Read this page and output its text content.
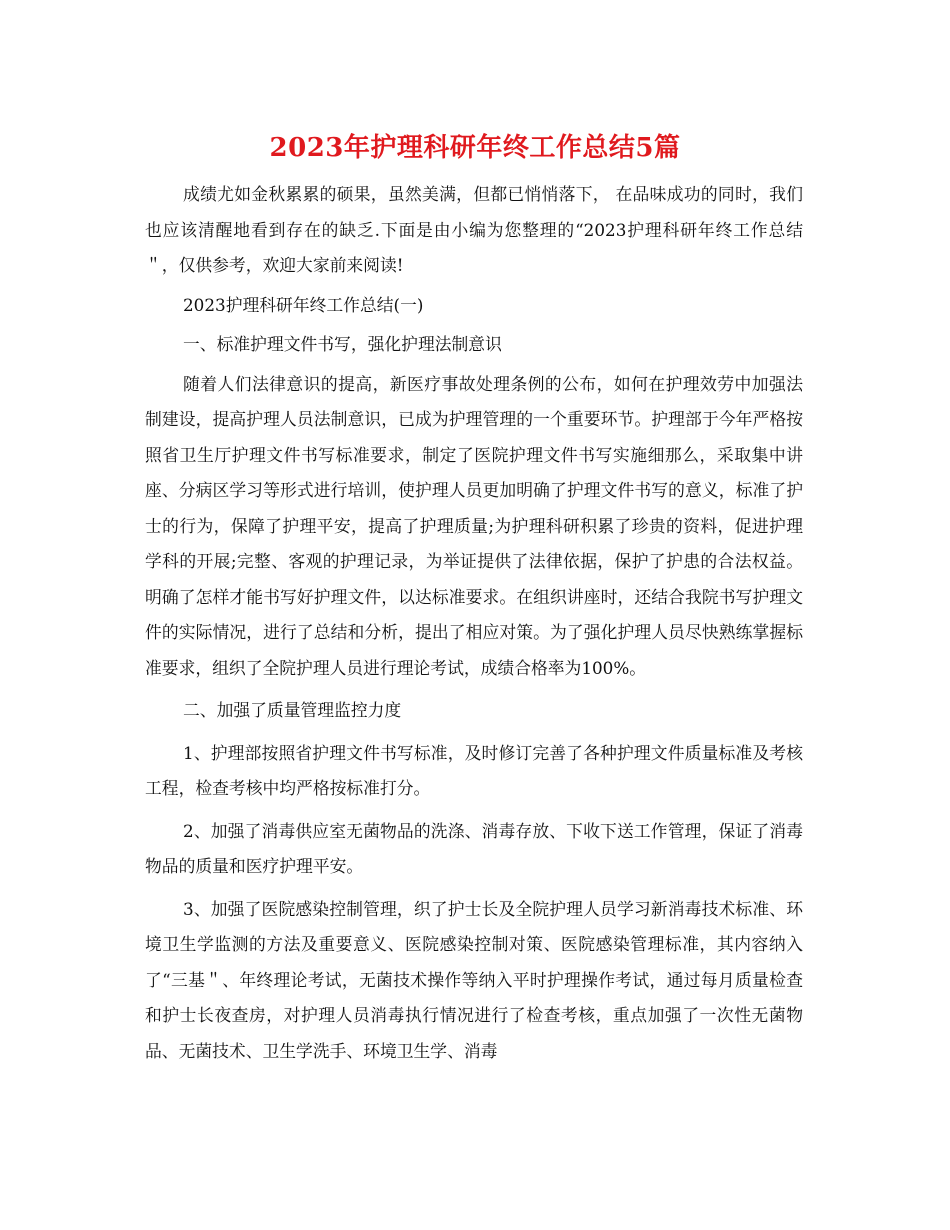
2023年护理科研年终工作总结5篇

成绩尤如金秋累累的硕果，虽然美满，但都已悄悄落下， 在品味成功的同时，我们也应该清醒地看到存在的缺乏.下面是由小编为您整理的“2023护理科研年终工作总结＂，仅供参考，欢迎大家前来阅读!

2023护理科研年终工作总结(一)

一、标准护理文件书写，强化护理法制意识

随着人们法律意识的提高，新医疗事故处理条例的公布，如何在护理效劳中加强法制建设，提高护理人员法制意识，已成为护理管理的一个重要环节。护理部于今年严格按照省卫生厅护理文件书写标准要求，制定了医院护理文件书写实施细那么，采取集中讲座、分病区学习等形式进行培训，使护理人员更加明确了护理文件书写的意义，标准了护士的行为，保障了护理平安，提高了护理质量;为护理科研积累了珍贵的资料，促进护理学科的开展;完整、客观的护理记录，为举证提供了法律依据，保护了护患的合法权益。明确了怎样才能书写好护理文件，以达标准要求。在组织讲座时，还结合我院书写护理文件的实际情况，进行了总结和分析，提出了相应对策。为了强化护理人员尽快熟练掌握标准要求，组织了全院护理人员进行理论考试，成绩合格率为100%。

二、加强了质量管理监控力度

1、护理部按照省护理文件书写标准，及时修订完善了各种护理文件质量标准及考核工程，检查考核中均严格按标准打分。

2、加强了消毒供应室无菌物品的洗涤、消毒存放、下收下送工作管理，保证了消毒物品的质量和医疗护理平安。

3、加强了医院感染控制管理，织了护士长及全院护理人员学习新消毒技术标准、环境卫生学监测的方法及重要意义、医院感染控制对策、医院感染管理标准，其内容纳入了“三基＂、年终理论考试，无菌技术操作等纳入平时护理操作考试，通过每月质量检查和护士长夜查房，对护理人员消毒执行情况进行了检查考核，重点加强了一次性无菌物品、无菌技术、卫生学洗手、环境卫生学、消毒
